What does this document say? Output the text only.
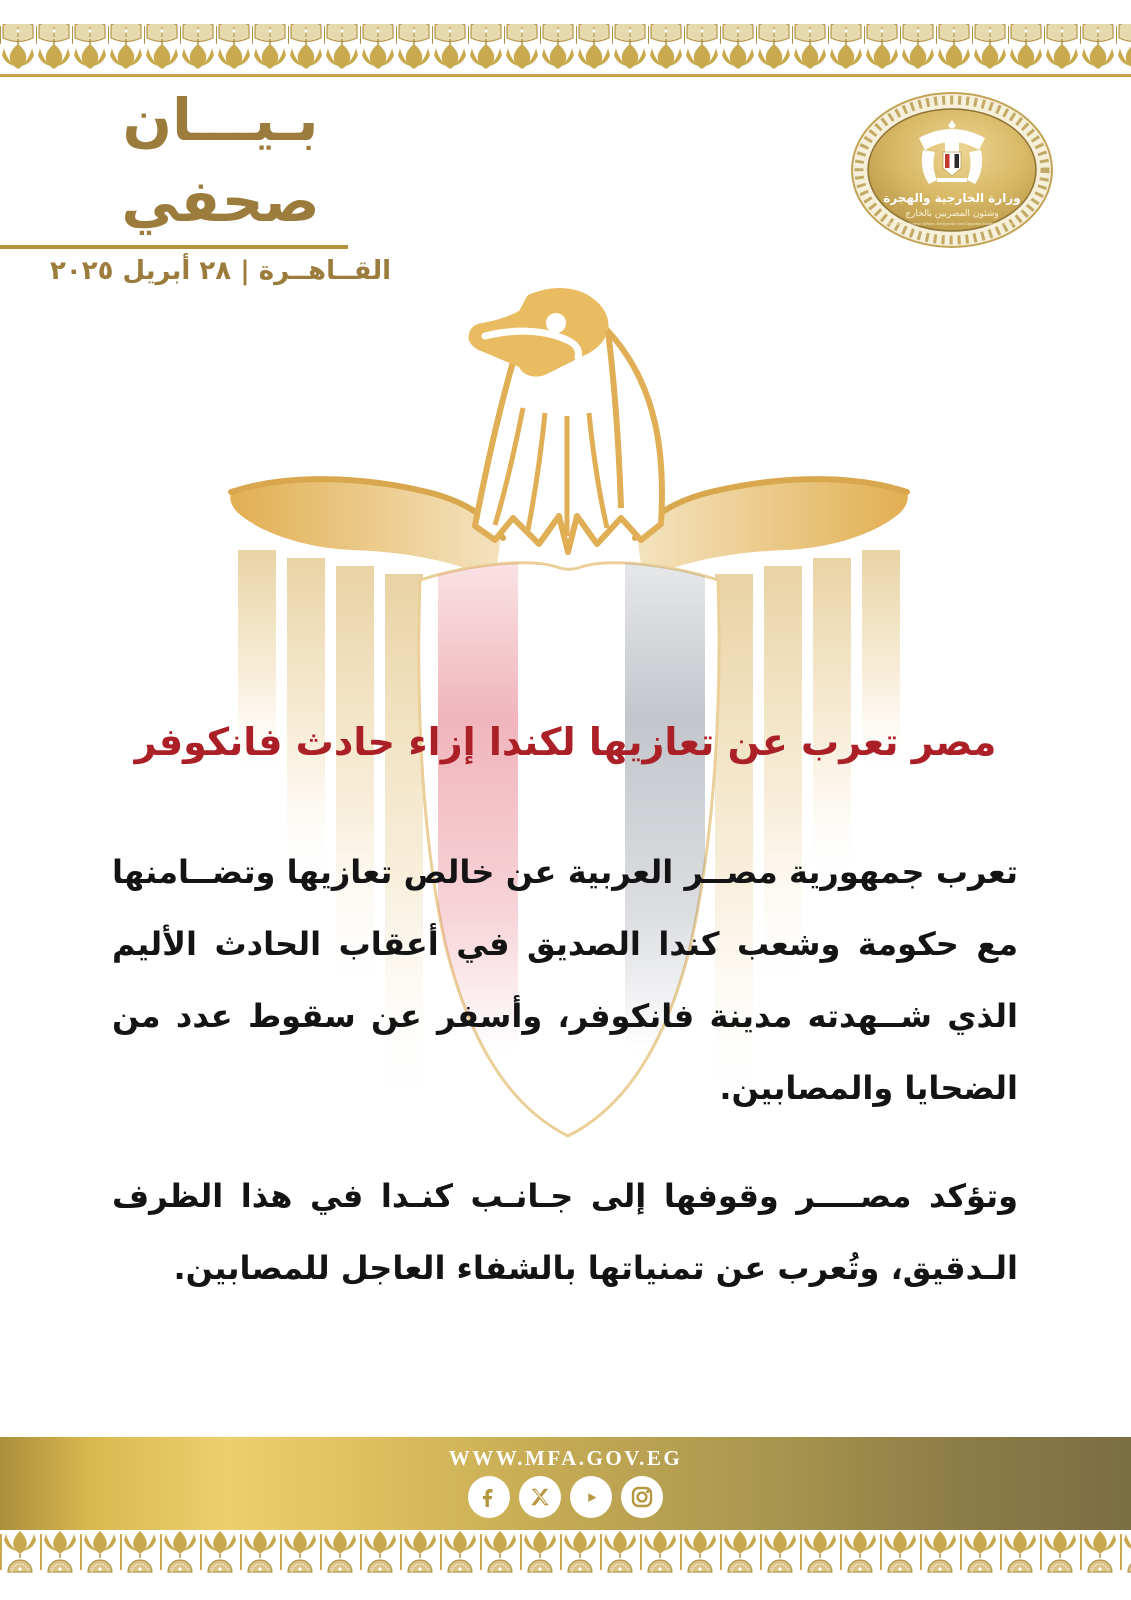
بـيـــان صحفي
القــاهــرة | ٢٨ أبريل ٢٠٢٥
وزارة الخارجية والهجرة
وشئون المصريين بالخارج
Ministry of Foreign Affairs, Emigration and Egyptian Expatriates Affairs
مصر تعرب عن تعازيها لكندا إزاء حادث فانكوفر

تعرب جمهورية مصــر العربية عن خالص تعازيها وتضــامنها مع حكومة وشعب كندا الصديق في أعقاب الحادث الأليم الذي شــهدته مدينة فانكوفر، وأسفر عن سقوط عدد من الضحايا والمصابين.

وتؤكد مصــــر وقوفها إلى جـانـب كنـدا في هذا الظرف الـدقيق، وتُعرب عن تمنياتها بالشفاء العاجل للمصابين.

WWW.MFA.GOV.EG
